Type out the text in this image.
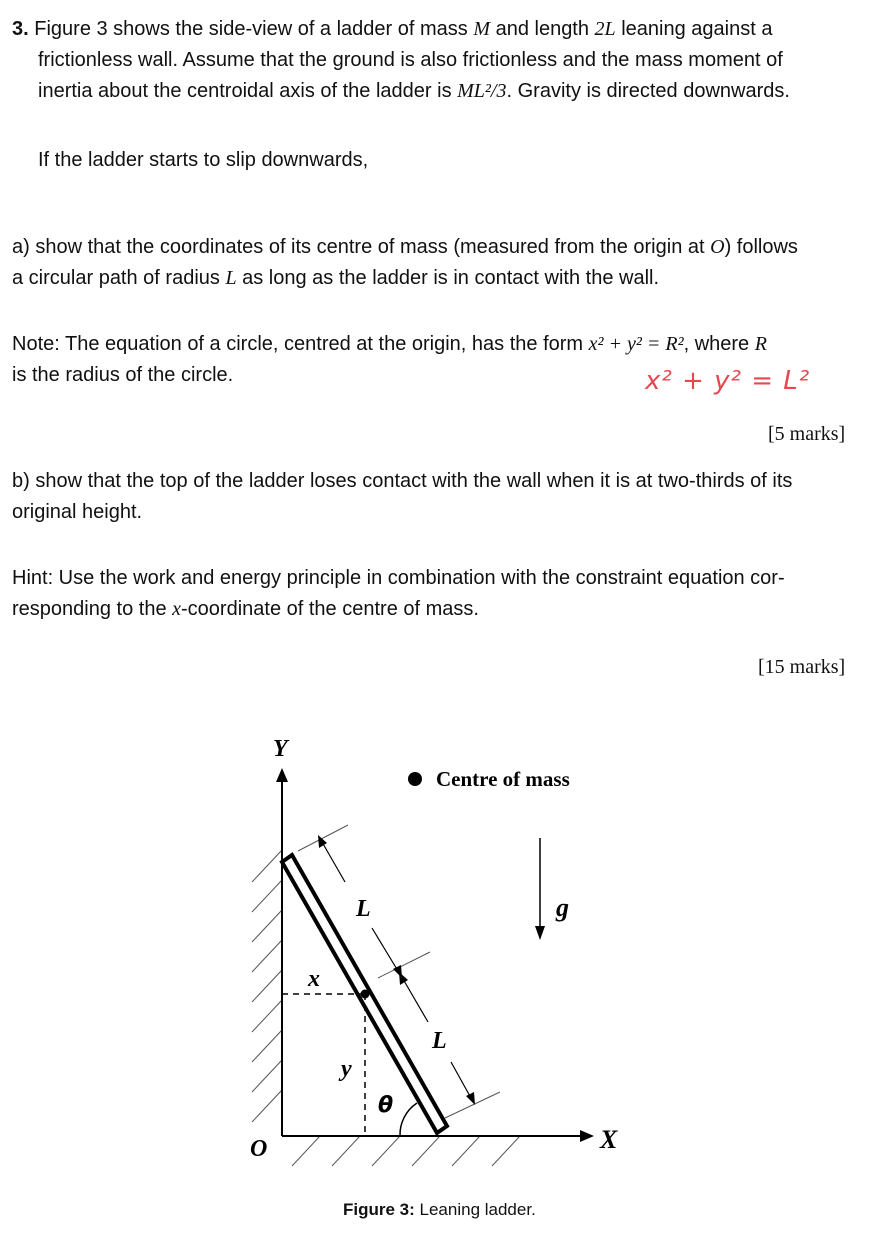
3. Figure 3 shows the side-view of a ladder of mass M and length 2L leaning against a
frictionless wall. Assume that the ground is also frictionless and the mass moment of
inertia about the centroidal axis of the ladder is ML²/3. Gravity is directed downwards.
If the ladder starts to slip downwards,
a) show that the coordinates of its centre of mass (measured from the origin at O) follows
a circular path of radius L as long as the ladder is in contact with the wall.
Note: The equation of a circle, centred at the origin, has the form x² + y² = R², where R
is the radius of the circle.	x² + y² = L²
[5 marks]
b) show that the top of the ladder loses contact with the wall when it is at two-thirds of its
original height.
Hint: Use the work and energy principle in combination with the constraint equation cor-
responding to the x-coordinate of the centre of mass.
[15 marks]
Y
X
O
Centre of mass
g
L
L
x
y
θ
Figure 3: Leaning ladder.
